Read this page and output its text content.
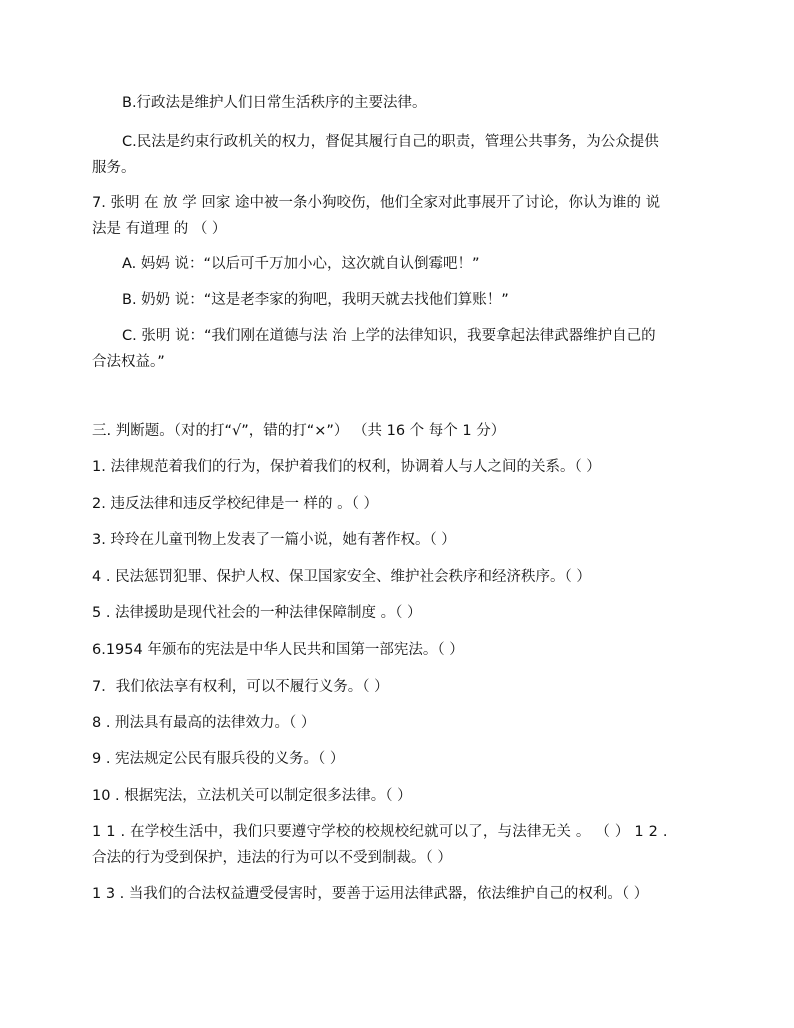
B.行政法是维护人们日常生活秩序的主要法律。
C.民法是约束行政机关的权力，督促其履行自己的职责，管理公共事务，为公众提供
服务。
7. 张明 在 放 学 回家 途中被一条小狗咬伤，他们全家对此事展开了讨论，你认为谁的 说
法是 有道理 的 （ ）
A. 妈妈 说：“以后可千万加小心，这次就自认倒霉吧！”
B. 奶奶 说：“这是老李家的狗吧，我明天就去找他们算账！”
C. 张明 说：“我们刚在道德与法 治 上学的法律知识，我要拿起法律武器维护自己的
合法权益。”
三. 判断题。（对的打“√”，错的打“×”） （共 16 个 每个 1 分）
1. 法律规范着我们的行为，保护着我们的权利，协调着人与人之间的关系。（ ）
2. 违反法律和违反学校纪律是一 样的 。（ ）
3. 玲玲在儿童刊物上发表了一篇小说，她有著作权。（ ）
4 . 民法惩罚犯罪、保护人权、保卫国家安全、维护社会秩序和经济秩序。（ ）
5 . 法律援助是现代社会的一种法律保障制度 。（ ）
6.1954 年颁布的宪法是中华人民共和国第一部宪法。（ ）
7．我们依法享有权利，可以不履行义务。（ ）
8 . 刑法具有最高的法律效力。（ ）
9 . 宪法规定公民有服兵役的义务。（ ）
10 . 根据宪法，立法机关可以制定很多法律。（ ）
1 1 . 在学校生活中，我们只要遵守学校的校规校纪就可以了，与法律无关 。 （ ） 1 2 .
合法的行为受到保护，违法的行为可以不受到制裁。（ ）
1 3 . 当我们的合法权益遭受侵害时，要善于运用法律武器，依法维护自己的权利。（ ）
